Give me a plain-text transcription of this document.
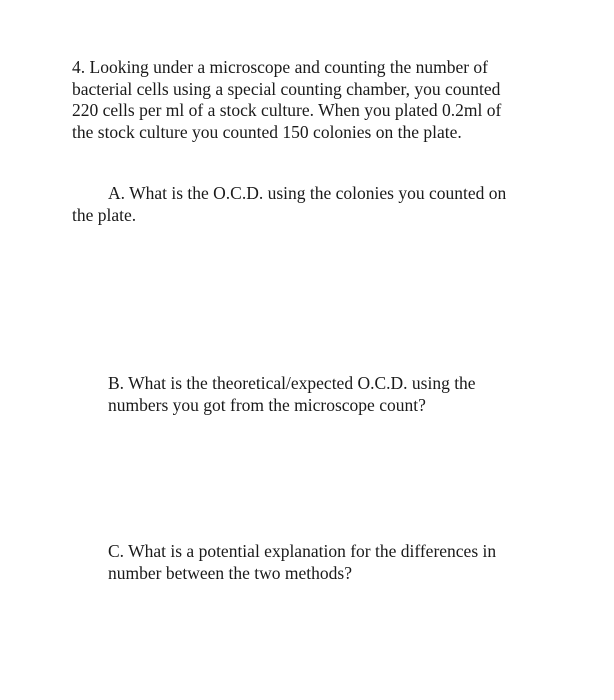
4. Looking under a microscope and counting the number of
bacterial cells using a special counting chamber, you counted
220 cells per ml of a stock culture. When you plated 0.2ml of
the stock culture you counted 150 colonies on the plate.
A. What is the O.C.D. using the colonies you counted on
the plate.
B. What is the theoretical/expected O.C.D. using the
numbers you got from the microscope count?
C. What is a potential explanation for the differences in
number between the two methods?
